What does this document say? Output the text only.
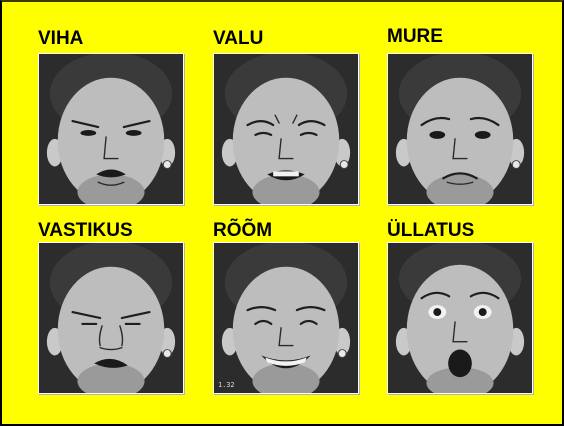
VIHA	VALU	MURE
VASTIKUS	RÕÕM
1.32
ÜLLATUS
